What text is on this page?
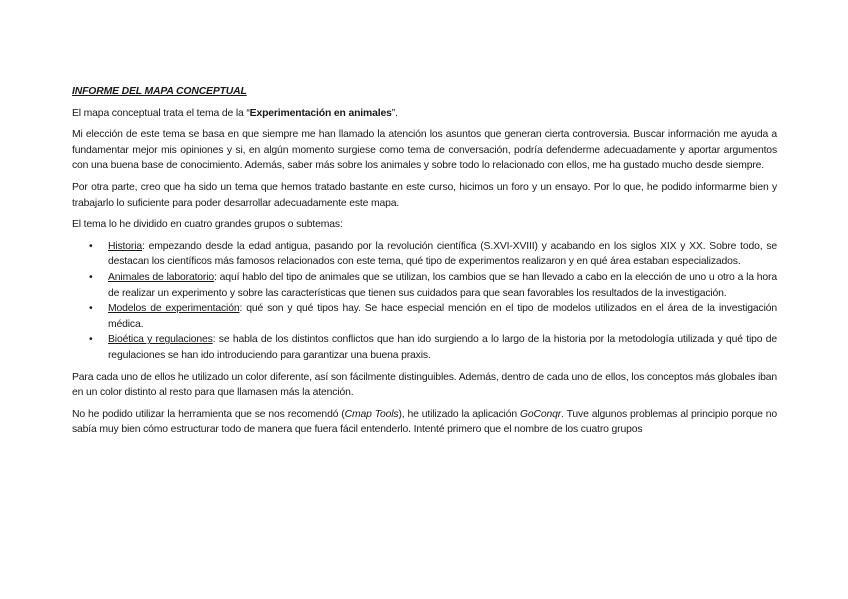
INFORME DEL MAPA CONCEPTUAL

El mapa conceptual trata el tema de la “Experimentación en animales”.

Mi elección de este tema se basa en que siempre me han llamado la atención los asuntos que generan cierta controversia. Buscar información me ayuda a fundamentar mejor mis opiniones y si, en algún momento surgiese como tema de conversación, podría defenderme adecuadamente y aportar argumentos con una buena base de conocimiento. Además, saber más sobre los animales y sobre todo lo relacionado con ellos, me ha gustado mucho desde siempre.

Por otra parte, creo que ha sido un tema que hemos tratado bastante en este curso, hicimos un foro y un ensayo. Por lo que, he podido informarme bien y trabajarlo lo suficiente para poder desarrollar adecuadamente este mapa.

El tema lo he dividido en cuatro grandes grupos o subtemas:

• Historia: empezando desde la edad antigua, pasando por la revolución científica (S.XVI-XVIII) y acabando en los siglos XIX y XX. Sobre todo, se destacan los científicos más famosos relacionados con este tema, qué tipo de experimentos realizaron y en qué área estaban especializados.
• Animales de laboratorio: aquí hablo del tipo de animales que se utilizan, los cambios que se han llevado a cabo en la elección de uno u otro a la hora de realizar un experimento y sobre las características que tienen sus cuidados para que sean favorables los resultados de la investigación.
• Modelos de experimentación: qué son y qué tipos hay. Se hace especial mención en el tipo de modelos utilizados en el área de la investigación médica.
• Bioética y regulaciones: se habla de los distintos conflictos que han ido surgiendo a lo largo de la historia por la metodología utilizada y qué tipo de regulaciones se han ido introduciendo para garantizar una buena praxis.

Para cada uno de ellos he utilizado un color diferente, así son fácilmente distinguibles. Además, dentro de cada uno de ellos, los conceptos más globales iban en un color distinto al resto para que llamasen más la atención.

No he podido utilizar la herramienta que se nos recomendó (Cmap Tools), he utilizado la aplicación GoConqr. Tuve algunos problemas al principio porque no sabía muy bien cómo estructurar todo de manera que fuera fácil entenderlo. Intenté primero que el nombre de los cuatro grupos
